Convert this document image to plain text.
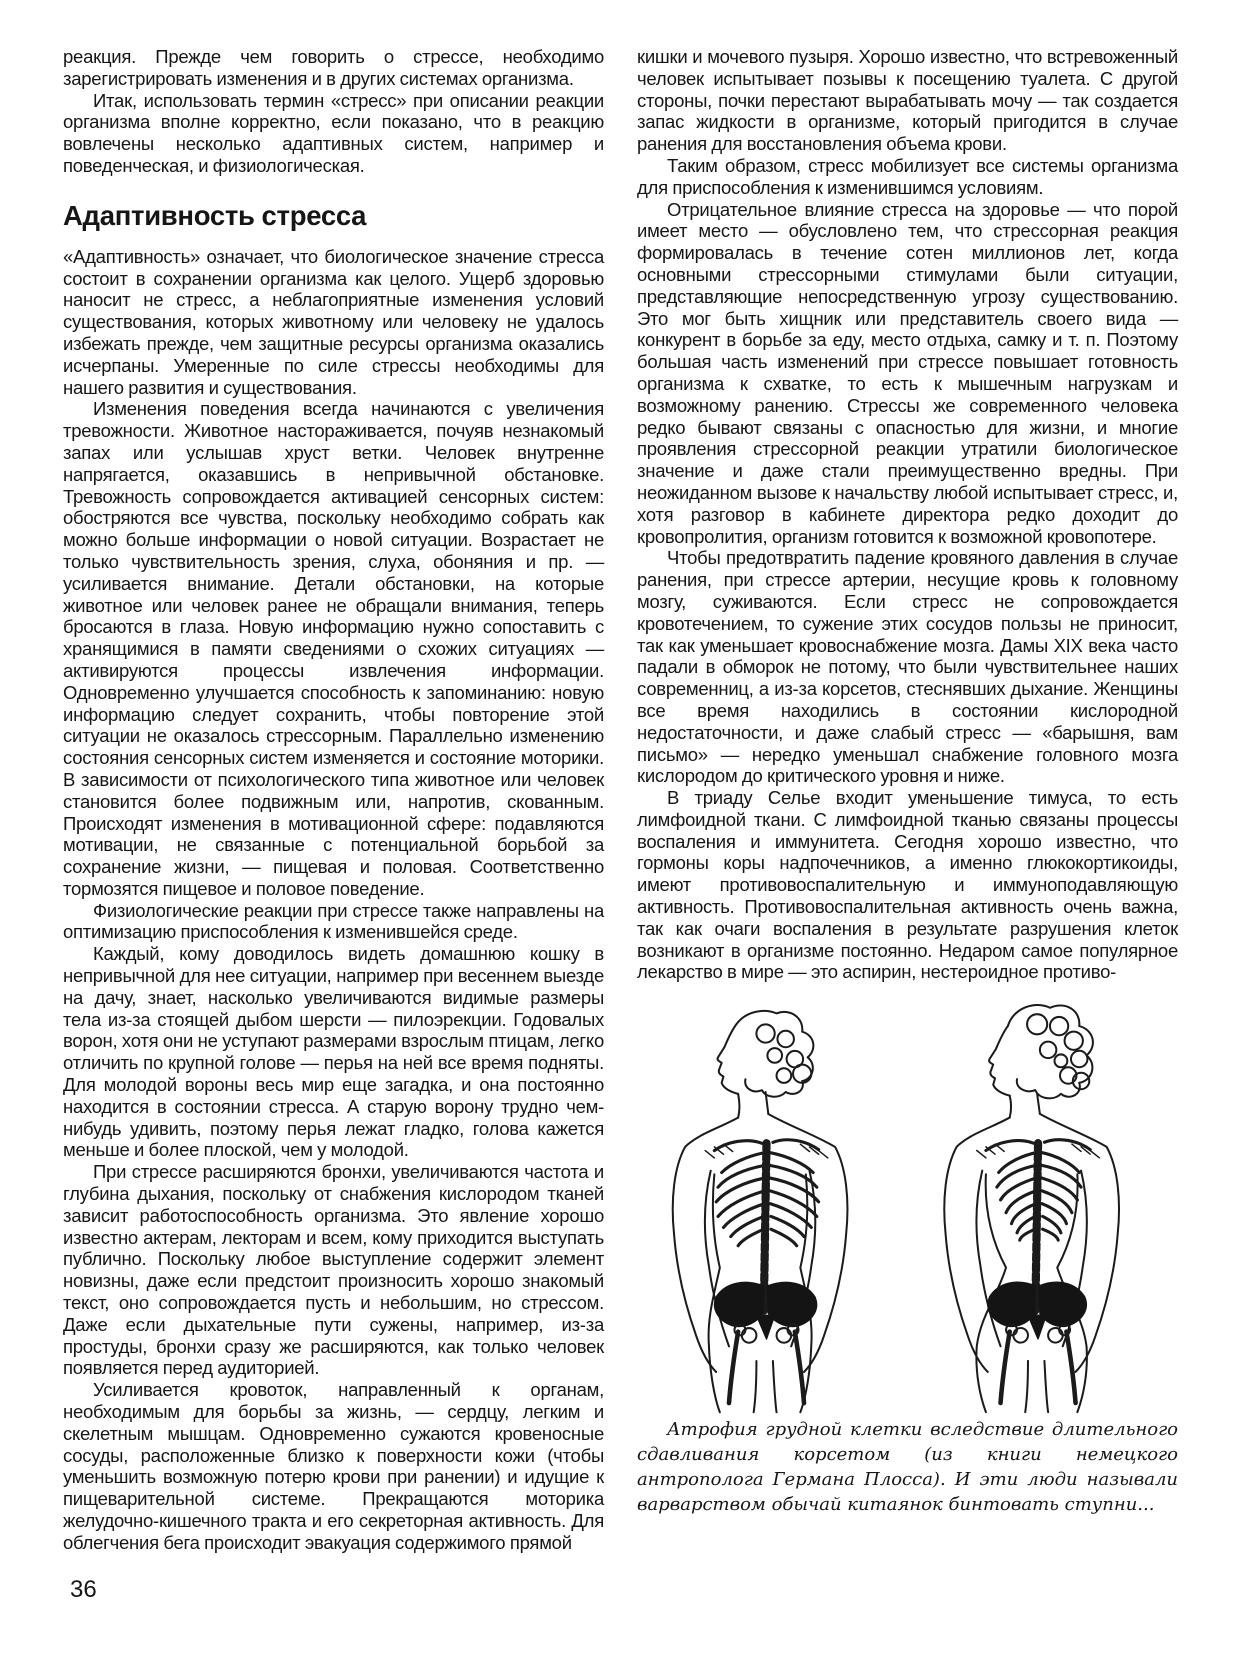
реакция. Прежде чем говорить о стрессе, необходимо зарегистрировать изменения и в других системах организма.

Итак, использовать термин «стресс» при описании реакции организма вполне корректно, если показано, что в реакцию вовлечены несколько адаптивных систем, например и поведенческая, и физиологическая.

Адаптивность стресса

«Адаптивность» означает, что биологическое значение стресса состоит в сохранении организма как целого. Ущерб здоровью наносит не стресс, а неблагоприятные изменения условий существования, которых животному или человеку не удалось избежать прежде, чем защитные ресурсы организма оказались исчерпаны. Умеренные по силе стрессы необходимы для нашего развития и существования.

Изменения поведения всегда начинаются с увеличения тревожности. Животное настораживается, почуяв незнакомый запах или услышав хруст ветки. Человек внутренне напрягается, оказавшись в непривычной обстановке. Тревожность сопровождается активацией сенсорных систем: обостряются все чувства, поскольку необходимо собрать как можно больше информации о новой ситуации. Возрастает не только чувствительность зрения, слуха, обоняния и пр. — усиливается внимание. Детали обстановки, на которые животное или человек ранее не обращали внимания, теперь бросаются в глаза. Новую информацию нужно сопоставить с хранящимися в памяти сведениями о схожих ситуациях — активируются процессы извлечения информации. Одновременно улучшается способность к запоминанию: новую информацию следует сохранить, чтобы повторение этой ситуации не оказалось стрессорным. Параллельно изменению состояния сенсорных систем изменяется и состояние моторики. В зависимости от психологического типа животное или человек становится более подвижным или, напротив, скованным. Происходят изменения в мотивационной сфере: подавляются мотивации, не связанные с потенциальной борьбой за сохранение жизни, — пищевая и половая. Соответственно тормозятся пищевое и половое поведение.

Физиологические реакции при стрессе также направлены на оптимизацию приспособления к изменившейся среде.

Каждый, кому доводилось видеть домашнюю кошку в непривычной для нее ситуации, например при весеннем выезде на дачу, знает, насколько увеличиваются видимые размеры тела из-за стоящей дыбом шерсти — пилоэрекции. Годовалых ворон, хотя они не уступают размерами взрослым птицам, легко отличить по крупной голове — перья на ней все время подняты. Для молодой вороны весь мир еще загадка, и она постоянно находится в состоянии стресса. А старую ворону трудно чем-нибудь удивить, поэтому перья лежат гладко, голова кажется меньше и более плоской, чем у молодой.

При стрессе расширяются бронхи, увеличиваются частота и глубина дыхания, поскольку от снабжения кислородом тканей зависит работоспособность организма. Это явление хорошо известно актерам, лекторам и всем, кому приходится выступать публично. Поскольку любое выступление содержит элемент новизны, даже если предстоит произносить хорошо знакомый текст, оно сопровождается пусть и небольшим, но стрессом. Даже если дыхательные пути сужены, например, из-за простуды, бронхи сразу же расширяются, как только человек появляется перед аудиторией.

Усиливается кровоток, направленный к органам, необходимым для борьбы за жизнь, — сердцу, легким и скелетным мышцам. Одновременно сужаются кровеносные сосуды, расположенные близко к поверхности кожи (чтобы уменьшить возможную потерю крови при ранении) и идущие к пищеварительной системе. Прекращаются моторика желудочно-кишечного тракта и его секреторная активность. Для облегчения бега происходит эвакуация содержимого прямой

кишки и мочевого пузыря. Хорошо известно, что встревоженный человек испытывает позывы к посещению туалета. С другой стороны, почки перестают вырабатывать мочу — так создается запас жидкости в организме, который пригодится в случае ранения для восстановления объема крови.

Таким образом, стресс мобилизует все системы организма для приспособления к изменившимся условиям.

Отрицательное влияние стресса на здоровье — что порой имеет место — обусловлено тем, что стрессорная реакция формировалась в течение сотен миллионов лет, когда основными стрессорными стимулами были ситуации, представляющие непосредственную угрозу существованию. Это мог быть хищник или представитель своего вида — конкурент в борьбе за еду, место отдыха, самку и т. п. Поэтому большая часть изменений при стрессе повышает готовность организма к схватке, то есть к мышечным нагрузкам и возможному ранению. Стрессы же современного человека редко бывают связаны с опасностью для жизни, и многие проявления стрессорной реакции утратили биологическое значение и даже стали преимущественно вредны. При неожиданном вызове к начальству любой испытывает стресс, и, хотя разговор в кабинете директора редко доходит до кровопролития, организм готовится к возможной кровопотере.

Чтобы предотвратить падение кровяного давления в случае ранения, при стрессе артерии, несущие кровь к головному мозгу, суживаются. Если стресс не сопровождается кровотечением, то сужение этих сосудов пользы не приносит, так как уменьшает кровоснабжение мозга. Дамы XIX века часто падали в обморок не потому, что были чувствительнее наших современниц, а из-за корсетов, стеснявших дыхание. Женщины все время находились в состоянии кислородной недостаточности, и даже слабый стресс — «барышня, вам письмо» — нередко уменьшал снабжение головного мозга кислородом до критического уровня и ниже.

В триаду Селье входит уменьшение тимуса, то есть лимфоидной ткани. С лимфоидной тканью связаны процессы воспаления и иммунитета. Сегодня хорошо известно, что гормоны коры надпочечников, а именно глюкокортикоиды, имеют противовоспалительную и иммуноподавляющую активность. Противовоспалительная активность очень важна, так как очаги воспаления в результате разрушения клеток возникают в организме постоянно. Недаром самое популярное лекарство в мире — это аспирин, нестероидное противо-

Атрофия грудной клетки вследствие длительного сдавливания корсетом (из книги немецкого антрополога Германа Плосса). И эти люди называли варварством обычай китаянок бинтовать ступни...

36
